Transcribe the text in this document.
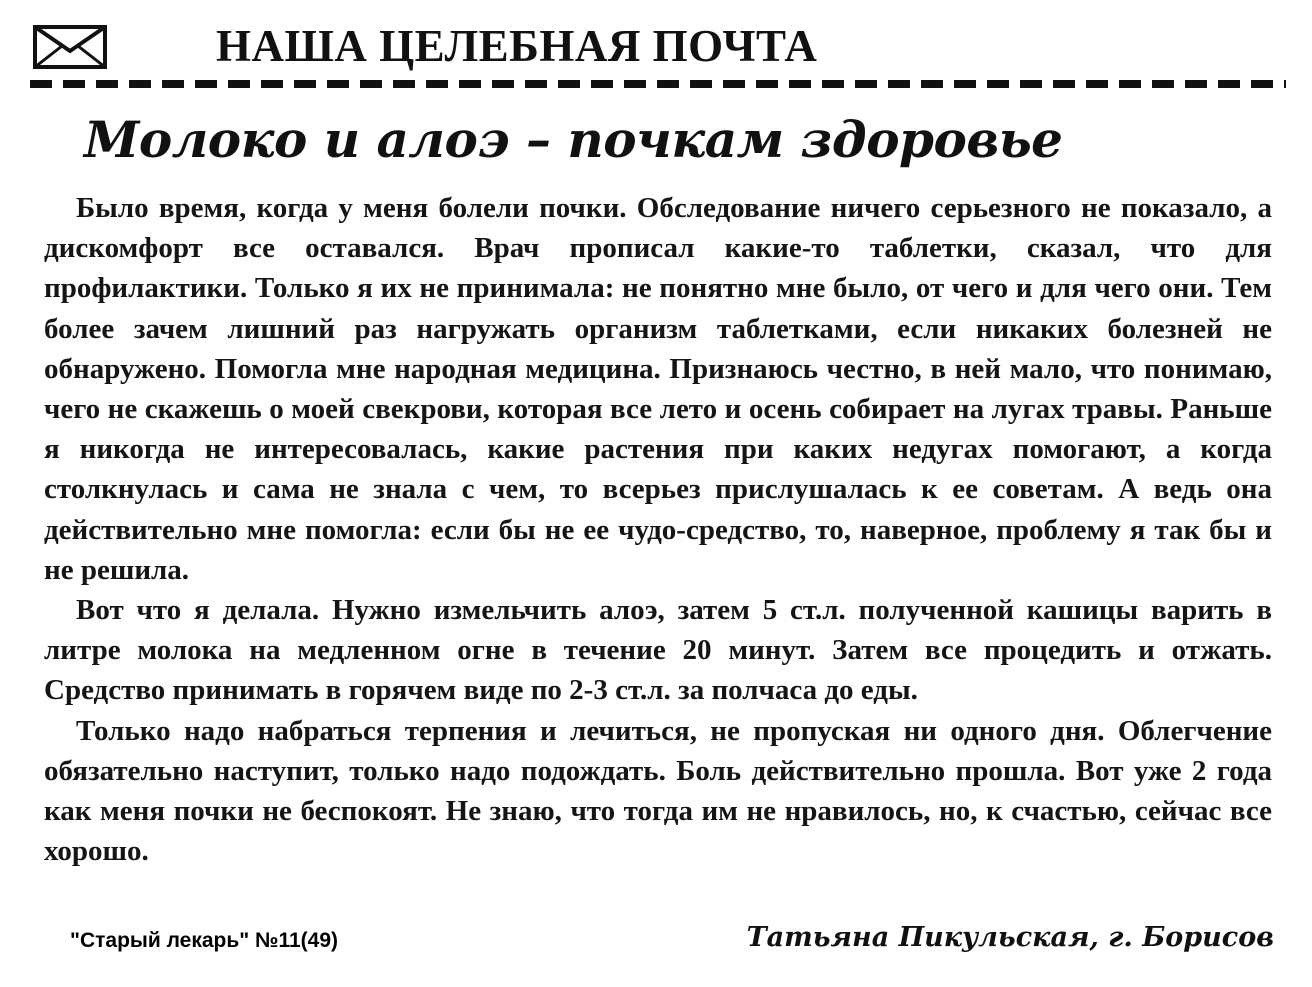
НАША ЦЕЛЕБНАЯ ПОЧТА
Молоко и алоэ – почкам здоровье

Было время, когда у меня болели почки. Обследование ничего серьезного не показало, а дискомфорт все оставался. Врач прописал какие-то таблетки, сказал, что для профилактики. Только я их не принимала: не понятно мне было, от чего и для чего они. Тем более зачем лишний раз нагружать организм таблетками, если никаких болезней не обнаружено. Помогла мне народная медицина. Признаюсь честно, в ней мало, что понимаю, чего не скажешь о моей свекрови, которая все лето и осень собирает на лугах травы. Раньше я никогда не интересовалась, какие растения при каких недугах помогают, а когда столкнулась и сама не знала с чем, то всерьез прислушалась к ее советам. А ведь она действительно мне помогла: если бы не ее чудо-средство, то, наверное, проблему я так бы и не решила.

Вот что я делала. Нужно измельчить алоэ, затем 5 ст.л. полученной кашицы варить в литре молока на медленном огне в течение 20 минут. Затем все процедить и отжать. Средство принимать в горячем виде по 2-3 ст.л. за полчаса до еды.

Только надо набраться терпения и лечиться, не пропуская ни одного дня. Облегчение обязательно наступит, только надо подождать. Боль действительно прошла. Вот уже 2 года как меня почки не беспокоят. Не знаю, что тогда им не нравилось, но, к счастью, сейчас все хорошо.

"Старый лекарь" №11(49)	Татьяна Пикульская, г. Борисов
